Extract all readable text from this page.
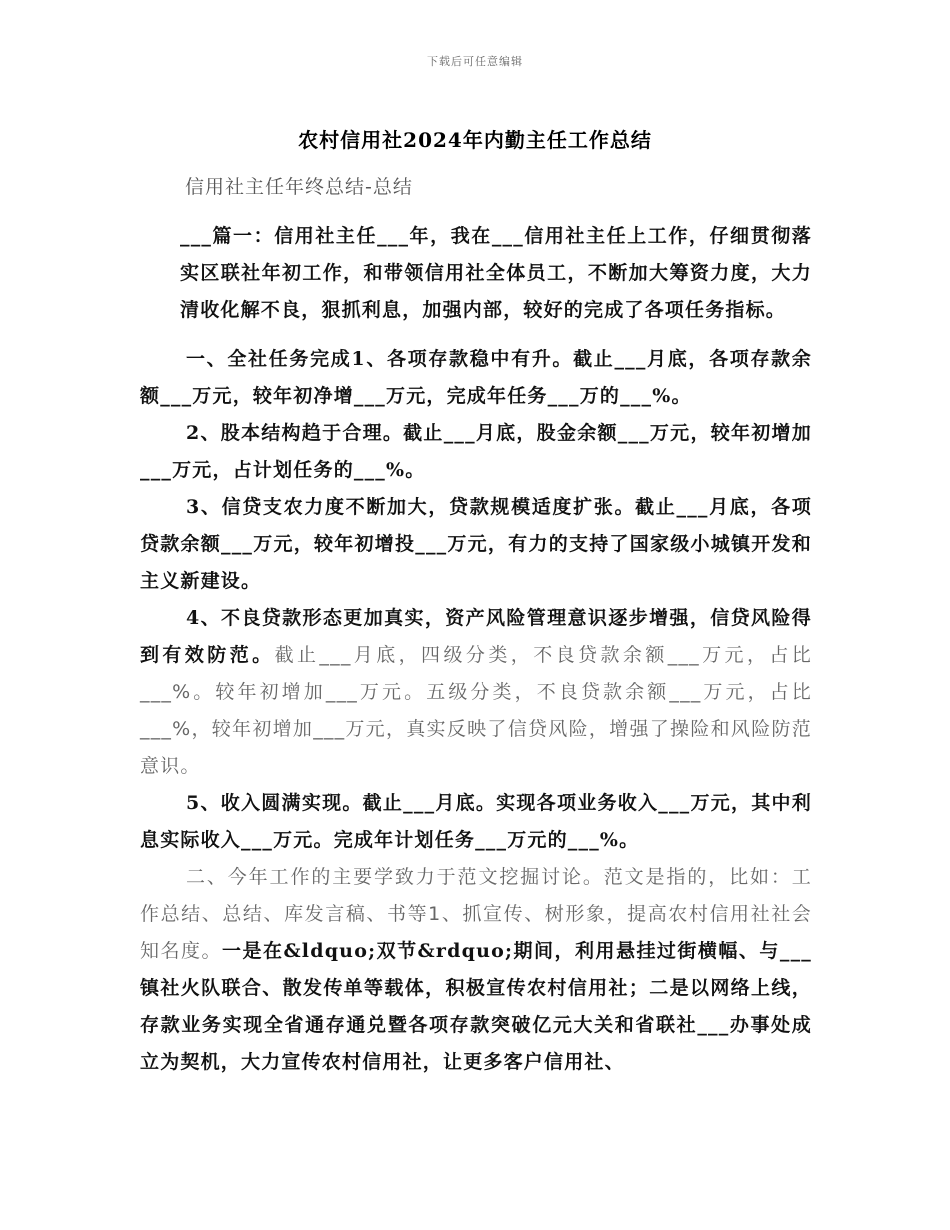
下载后可任意编辑
农村信用社2024年内勤主任工作总结
信用社主任年终总结-总结

___篇一：信用社主任___年，我在___信用社主任上工作，仔细贯彻落实区联社年初工作，和带领信用社全体员工，不断加大筹资力度，大力清收化解不良，狠抓利息，加强内部，较好的完成了各项任务指标。

一、全社任务完成1、各项存款稳中有升。截止___月底，各项存款余额___万元，较年初净增___万元，完成年任务___万的___%。

2、股本结构趋于合理。截止___月底，股金余额___万元，较年初增加___万元，占计划任务的___%。

3、信贷支农力度不断加大，贷款规模适度扩张。截止___月底，各项贷款余额___万元，较年初增投___万元，有力的支持了国家级小城镇开发和主义新建设。

4、不良贷款形态更加真实，资产风险管理意识逐步增强，信贷风险得到有效防范。截止___月底，四级分类，不良贷款余额___万元，占比___%。较年初增加___万元。五级分类，不良贷款余额___万元，占比___%，较年初增加___万元，真实反映了信贷风险，增强了操险和风险防范意识。

5、收入圆满实现。截止___月底。实现各项业务收入___万元，其中利息实际收入___万元。完成年计划任务___万元的___%。

二、今年工作的主要学致力于范文挖掘讨论。范文是指的，比如：工作总结、总结、库发言稿、书等1、抓宣传、树形象，提高农村信用社社会知名度。一是在&ldquo;双节&rdquo;期间，利用悬挂过街横幅、与___镇社火队联合、散发传单等载体，积极宣传农村信用社；二是以网络上线，存款业务实现全省通存通兑暨各项存款突破亿元大关和省联社___办事处成立为契机，大力宣传农村信用社，让更多客户信用社、
